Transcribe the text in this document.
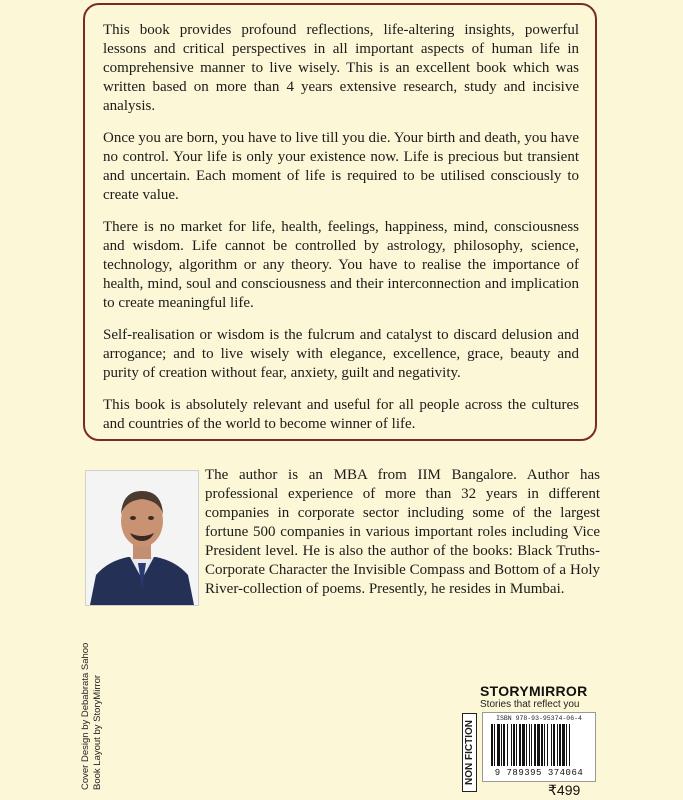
This book provides profound reflections, life-altering insights, powerful lessons and critical perspectives in all important aspects of human life in comprehensive manner to live wisely. This is an excellent book which was written based on more than 4 years extensive research, study and incisive analysis.

Once you are born, you have to live till you die. Your birth and death, you have no control. Your life is only your existence now. Life is precious but transient and uncertain. Each moment of life is required to be utilised consciously to create value.

There is no market for life, health, feelings, happiness, mind, consciousness and wisdom. Life cannot be controlled by astrology, philosophy, science, technology, algorithm or any theory. You have to realise the importance of health, mind, soul and consciousness and their interconnection and implication to create meaningful life.

Self-realisation or wisdom is the fulcrum and catalyst to discard delusion and arrogance; and to live wisely with elegance, excellence, grace, beauty and purity of creation without fear, anxiety, guilt and negativity.

This book is absolutely relevant and useful for all people across the cultures and countries of the world to become winner of life.

The author is an MBA from IIM Bangalore. Author has professional experience of more than 32 years in different companies in corporate sector including some of the largest fortune 500 companies in various important roles including Vice President level. He is also the author of the books: Black Truths-Corporate Character the Invisible Compass and Bottom of a Holy River-collection of poems. Presently, he resides in Mumbai.

Cover Design by Debabrata Sahoo Book Layout by StoryMirror	STORYMIRROR
Stories that reflect you
NON FICTION
ISBN 978-93-95374-06-4
9 789395 374064
₹499
